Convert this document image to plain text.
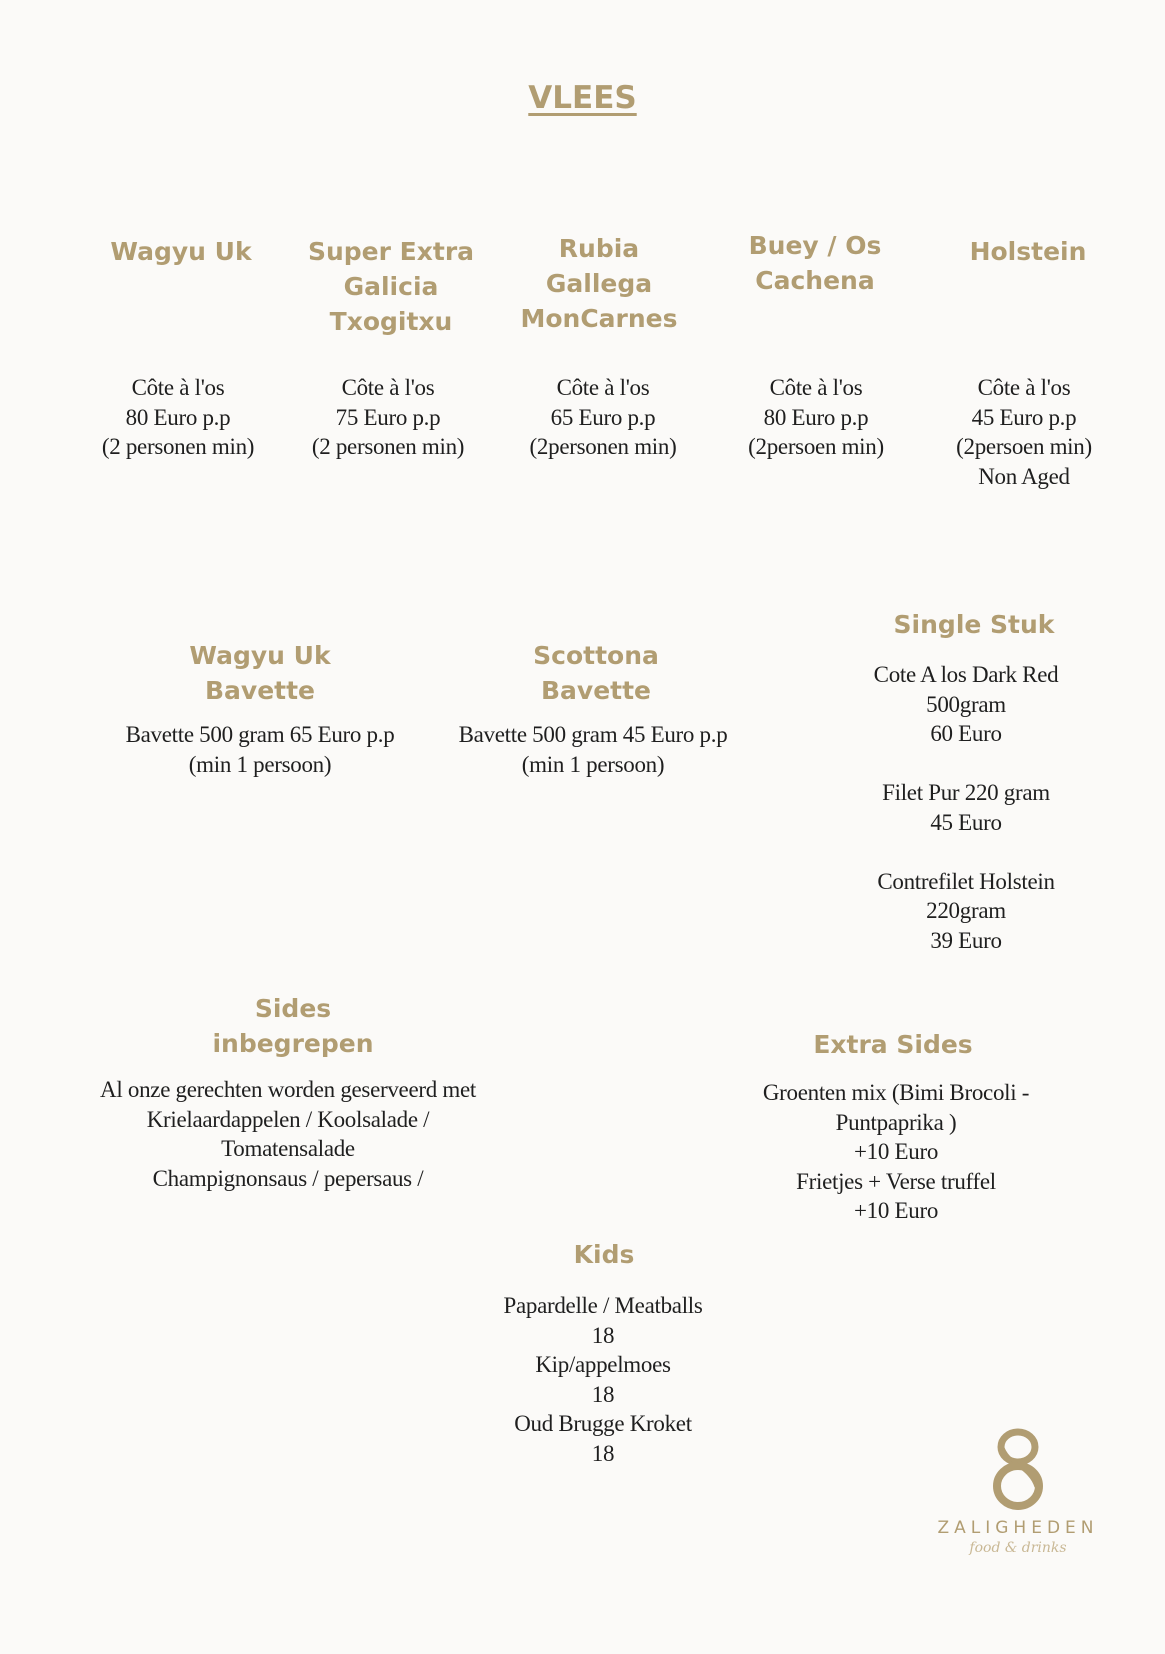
VLEES
Wagyu Uk Super Extra
Galicia
Txogitxu
Rubia
Gallega
MonCarnes
Buey / Os
Cachena
Holstein
Côte à l'os
80 Euro p.p
(2 personen min)
Côte à l'os
75 Euro p.p
(2 personen min)
Côte à l'os
65 Euro p.p
(2personen min)
Côte à l'os
80 Euro p.p
(2persoen min)
Côte à l'os
45 Euro p.p
(2persoen min)
Non Aged
Wagyu Uk
Bavette
Scottona
Bavette
Bavette 500 gram 65 Euro p.p
(min 1 persoon)
Bavette 500 gram 45 Euro p.p
(min 1 persoon)
Single Stuk
Cote A los Dark Red 500gram
60 Euro

Filet Pur 220 gram
45 Euro

Contrefilet Holstein
220gram
39 Euro
Sides
inbegrepen
Al onze gerechten worden geserveerd met
Krielaardappelen / Koolsalade /
Tomatensalade
Champignonsaus / pepersaus /
Extra Sides
Groenten mix (Bimi Brocoli - Puntpaprika )
+10 Euro
Frietjes + Verse truffel
+10 Euro
Kids
Papardelle / Meatballs
18
Kip/appelmoes
18
Oud Brugge Kroket
18
ZALIGHEDEN
food & drinks
